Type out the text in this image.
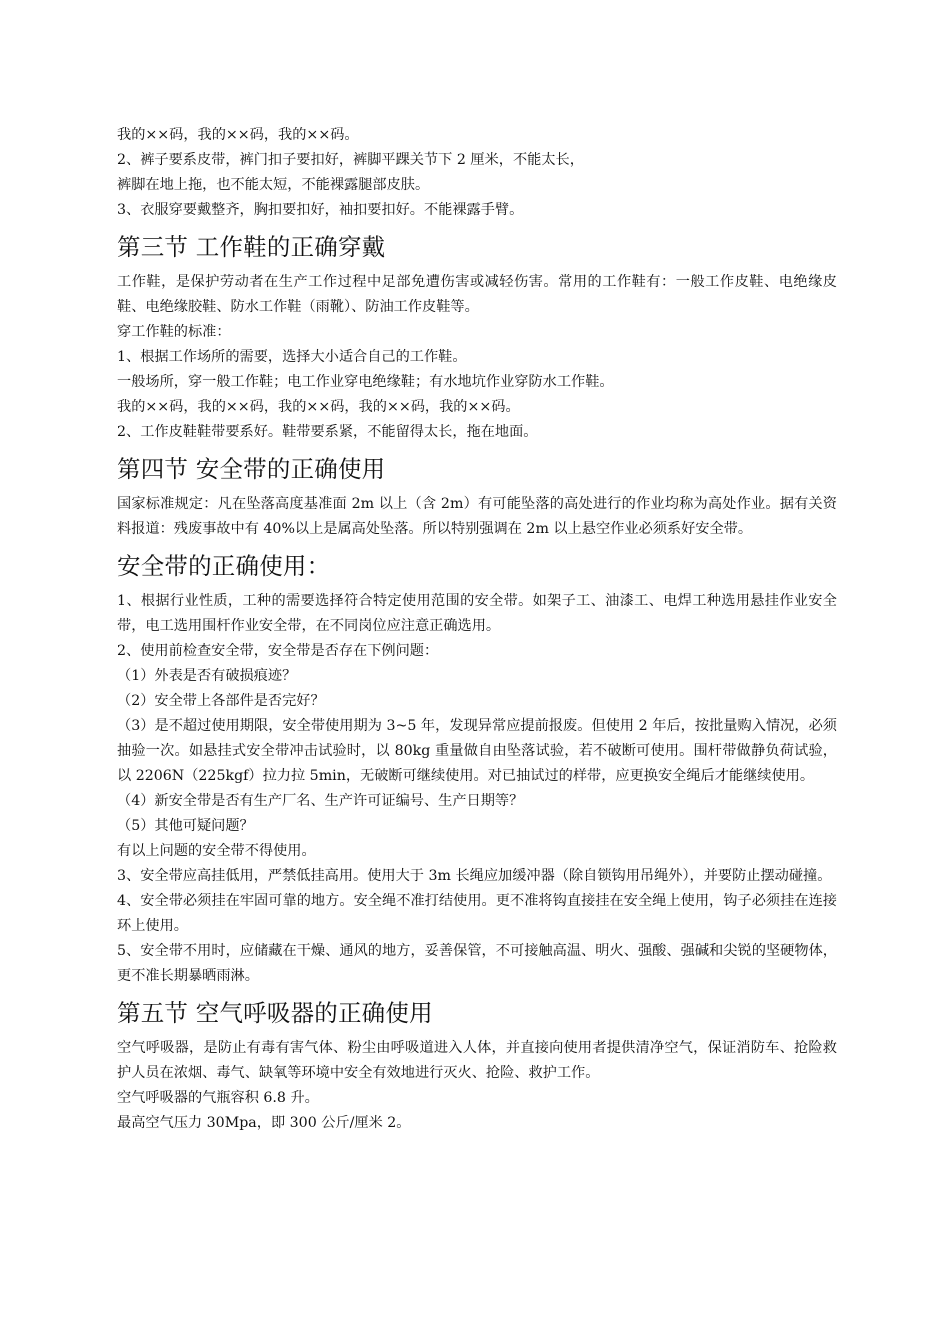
我的××码，我的××码，我的××码。
2、裤子要系皮带，裤门扣子要扣好，裤脚平踝关节下 2 厘米，不能太长，
裤脚在地上拖，也不能太短，不能裸露腿部皮肤。
3、衣服穿要戴整齐，胸扣要扣好，袖扣要扣好。不能裸露手臂。
第三节 工作鞋的正确穿戴
工作鞋，是保护劳动者在生产工作过程中足部免遭伤害或减轻伤害。常用的工作鞋有：一般工作皮鞋、电绝缘皮鞋、电绝缘胶鞋、防水工作鞋（雨靴）、防油工作皮鞋等。
穿工作鞋的标准：
1、根据工作场所的需要，选择大小适合自己的工作鞋。
一般场所，穿一般工作鞋；电工作业穿电绝缘鞋；有水地坑作业穿防水工作鞋。
我的××码，我的××码，我的××码，我的××码，我的××码。
2、工作皮鞋鞋带要系好。鞋带要系紧，不能留得太长，拖在地面。
第四节 安全带的正确使用
国家标准规定：凡在坠落高度基准面 2m 以上（含 2m）有可能坠落的高处进行的作业均称为高处作业。据有关资料报道：残废事故中有 40%以上是属高处坠落。所以特别强调在 2m 以上悬空作业必须系好安全带。
安全带的正确使用：
1、根据行业性质，工种的需要选择符合特定使用范围的安全带。如架子工、油漆工、电焊工种选用悬挂作业安全带，电工选用围杆作业安全带，在不同岗位应注意正确选用。
2、使用前检查安全带，安全带是否存在下例问题：
（1）外表是否有破损痕迹？
（2）安全带上各部件是否完好？
（3）是不超过使用期限，安全带使用期为 3~5 年，发现异常应提前报废。但使用 2 年后，按批量购入情况，必须抽验一次。如悬挂式安全带冲击试验时，以 80kg 重量做自由坠落试验，若不破断可使用。围杆带做静负荷试验，以 2206N（225kgf）拉力拉 5min，无破断可继续使用。对已抽试过的样带，应更换安全绳后才能继续使用。
（4）新安全带是否有生产厂名、生产许可证编号、生产日期等？
（5）其他可疑问题？
有以上问题的安全带不得使用。
3、安全带应高挂低用，严禁低挂高用。使用大于 3m 长绳应加缓冲器（除自锁钩用吊绳外），并要防止摆动碰撞。
4、安全带必须挂在牢固可靠的地方。安全绳不准打结使用。更不准将钩直接挂在安全绳上使用，钩子必须挂在连接环上使用。
5、安全带不用时，应储藏在干燥、通风的地方，妥善保管，不可接触高温、明火、强酸、强碱和尖锐的坚硬物体，更不准长期暴晒雨淋。
第五节 空气呼吸器的正确使用
空气呼吸器，是防止有毒有害气体、粉尘由呼吸道进入人体，并直接向使用者提供清净空气，保证消防车、抢险救护人员在浓烟、毒气、缺氧等环境中安全有效地进行灭火、抢险、救护工作。
空气呼吸器的气瓶容积 6.8 升。
最高空气压力 30Mpa，即 300 公斤/厘米 2。
